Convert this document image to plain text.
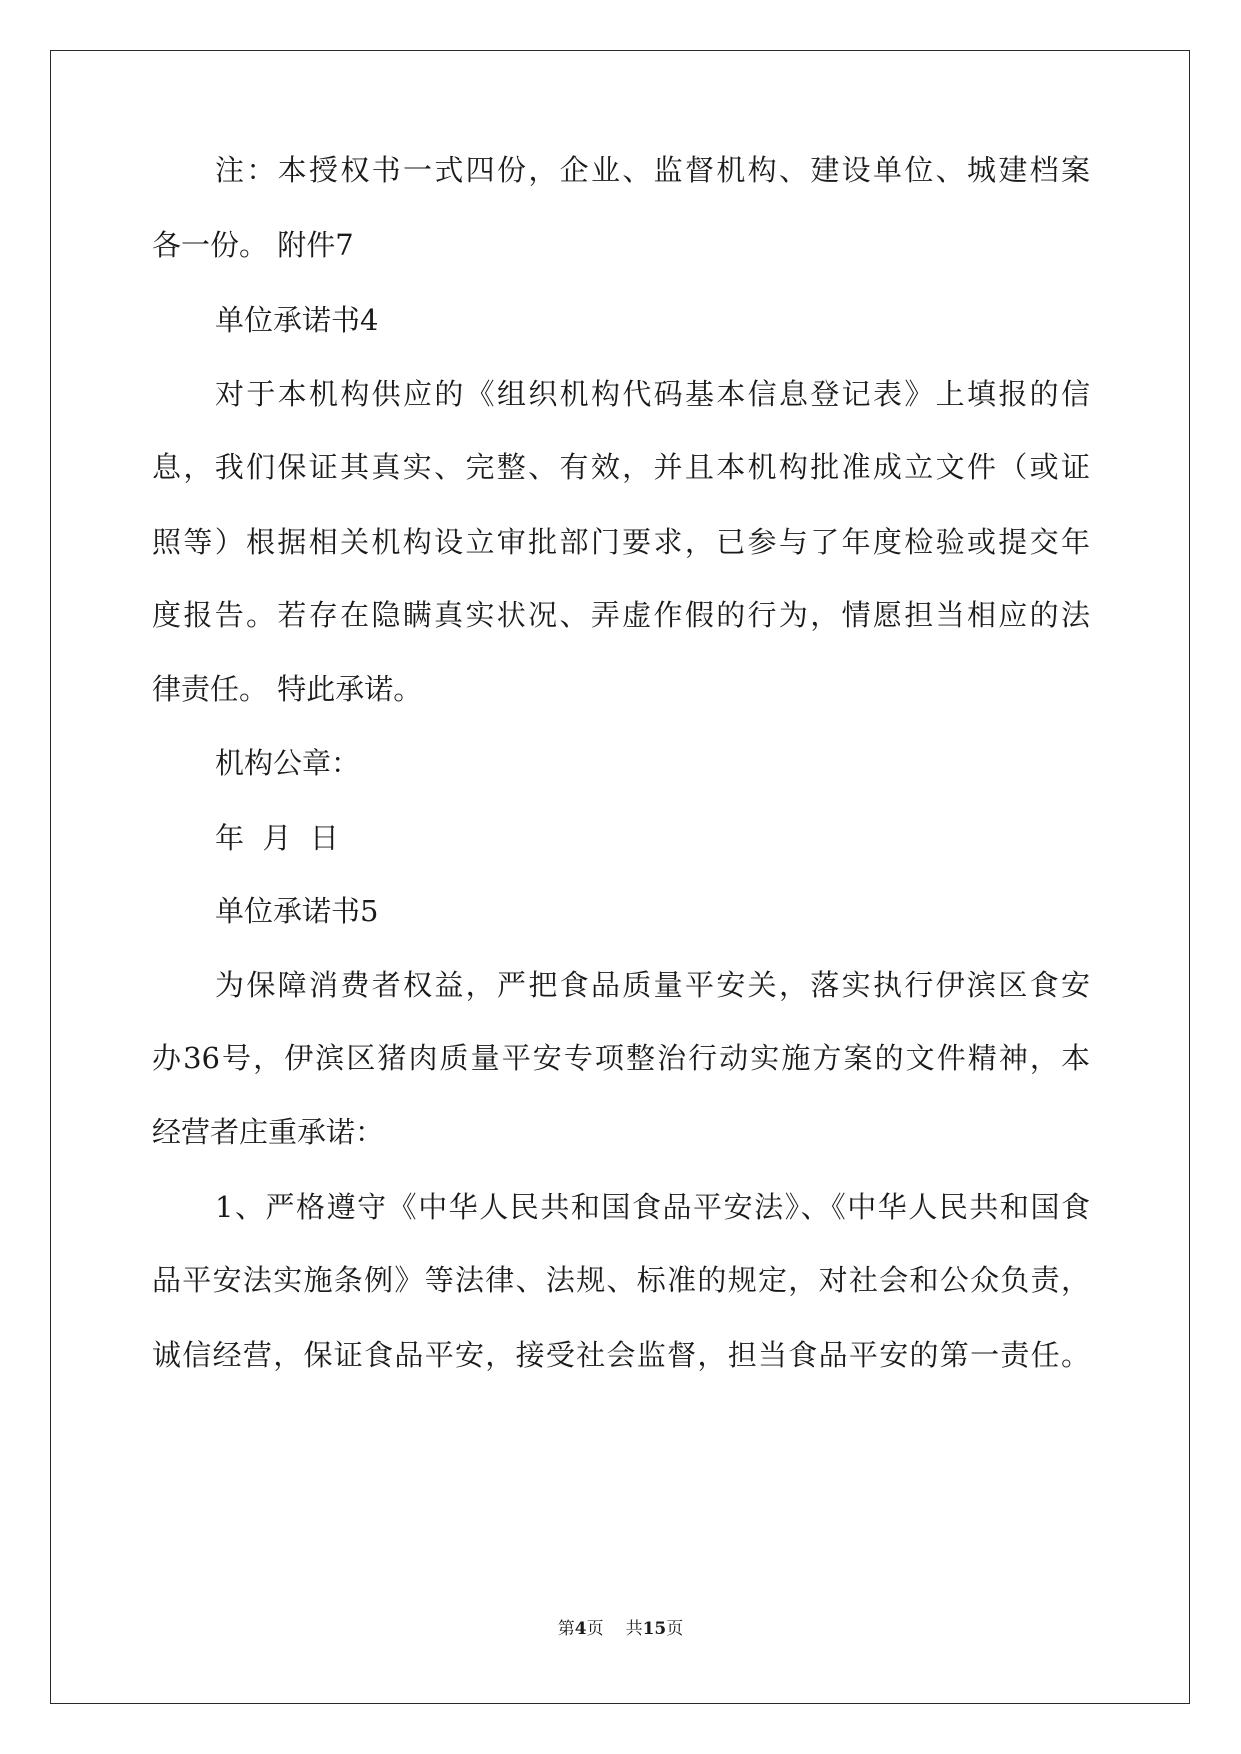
注：本授权书一式四份，企业、监督机构、建设单位、城建档案
各一份。 附件7
单位承诺书4
对于本机构供应的《组织机构代码基本信息登记表》上填报的信
息，我们保证其真实、完整、有效，并且本机构批准成立文件（或证
照等）根据相关机构设立审批部门要求，已参与了年度检验或提交年
度报告。若存在隐瞒真实状况、弄虚作假的行为，情愿担当相应的法
律责任。 特此承诺。
机构公章：
年  月  日
单位承诺书5
为保障消费者权益，严把食品质量平安关，落实执行伊滨区食安
办36号，伊滨区猪肉质量平安专项整治行动实施方案的文件精神，本
经营者庄重承诺：
1、严格遵守《中华人民共和国食品平安法》、《中华人民共和国食
品平安法实施条例》等法律、法规、标准的规定，对社会和公众负责，
诚信经营，保证食品平安，接受社会监督，担当食品平安的第一责任。
第4页 共15页
